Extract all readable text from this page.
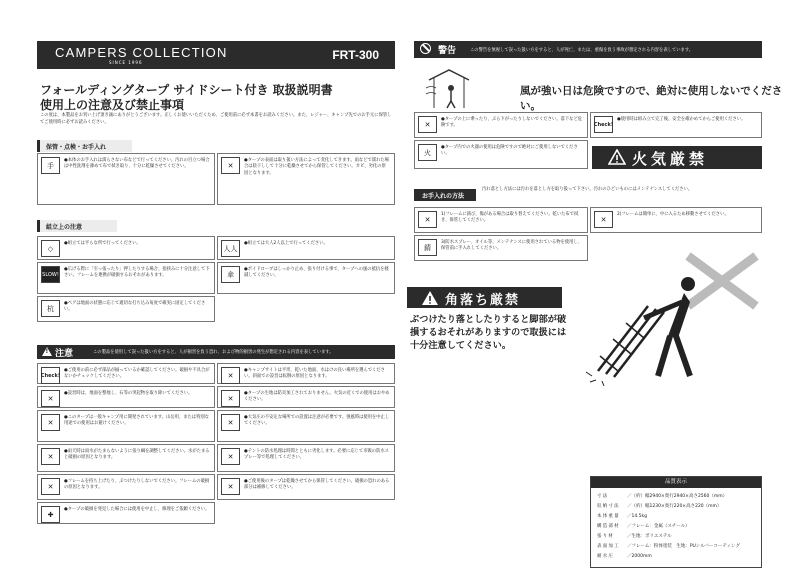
CAMPERS COLLECTION
SINCE 1996
FRT-300
フォールディングタープ サイドシート付き 取扱説明書
使用上の注意及び禁止事項
この度は、本製品をお買い上げ頂き誠にありがとうございます。正しくお使いいただくため、ご使用前に必ず本書をお読みください。また、レジャー、キャンプ先でのお手元に保管してご使用時に必ずお読みください。
保管・点検・お手入れ
手
●本体のお手入れは濡らさない布などで行ってください。汚れの目立つ場合は中性洗剤を薄めて布で拭き取り、十分に乾燥させてください。	✕
●タープの表面は取り扱い方法によって変化してきます。雨などで濡れた場合は陰干しして十分に乾燥させてから保管してください。カビ、劣化の原因となります。
組立上の注意
◇
●組立ては平らな所で行ってください。
人人
●組立ては大人2人以上で行ってください。
SLOW!
●広げる際に「引っ張ったり」押したりする場合、指挟みに十分注意して下さい。フレームを連携が破損するおそれがあります。	傘
●ポイドローブはしっかり止め、張り付ける事で、タープへの風の抵抗を軽減してください。
杭
●ペグは地面の状態に応じて適切な打ち込み角度で確実に固定してください。
!
注意	この製品を使用して誤った扱い方をすると、人が損害を負う恐れ、および物的損害の発生が想定される内容を表しています。
Check!
●ご使用の前に必ず部品が揃っているか確認してください。破損や不具合がないかチェックしてください。	✕
●キャンプサイトは平坦、乾いた地面、水はけの良い場所を選んでください。斜面での設営は転倒の原因となります。
✕
●設営時は、地面を整地し、石等の突起物を取り除いてください。
✕
●タープの生地は防炎加工されておりません。火気の近くでの使用はおやめください。
✕
●このタープは一般キャンプ用に開発されています。山岳用、または特別な用途での使用はお避けください。	✕
●大気圧の不安定な場所での設置は注意が必要です。強風時は使用を中止してください。
✕
●雨天時は雨水がたまらないように張り綱を調整してください。水がたまると破損の原因となります。	✕
●テントの防水処理は時間とともに劣化します。必要に応じて市販の防水スプレー等で処理してください。
✕
●フレームを持ち上げたり、ぶつけたりしないでください。フレームの破損の原因となります。	✕
●ご使用後のタープは乾燥させてから保管してください。破損の恐れのある部分は補修してください。
✚
●タープの破損を発見した場合には使用を中止し、修理をご依頼ください。
警告	この警告を無視して誤った扱い方をすると、人が死亡、または、重傷を負う事故が想定される内容を表しています。
風が強い日は危険ですので、絶対に使用しないでください。
✕
●タープの上に乗ったり、ぶら下がったりしないでください。落下など危険です。	Check!
●使用時は組み立て完了後、安全を確かめてからご使用ください。
火
●タープ内での火器の使用は危険ですので絶対にご使用しないでください。	火気厳禁
お手入れの方法
汚れ落とし方法には汚れを落とし方を取り扱って下さい。汚れのひどいものにはメンテナンスしてください。
✕
1)フレームに錆び、傷がある場合は取り替えてください。乾いた布で拭き、保管してください。	✕
2)フレームは簡単に、中に入るため移動させてください。
錆
3)防水スプレー、オイル等、メンテナンスに使用されている物を使用し、保管前に手入れしてください。
角落ち厳禁
ぶつけたり落としたりすると脚部が破損するおそれがありますので取扱には十分注意してください。
品質表示
寸法	／（約）幅2940×奥行2940×高さ2560（mm）
収納寸法 ／（約）幅1230×奥行220×高さ220（mm）
本体重量 ／14.5kg
構造部材 ／フレーム：金属（スチール）
張り材	／生地：ポリエステル
表面加工 ／フレーム：粉体塗装　生地：PUシルバーコーティング
耐水圧	／2000mm
